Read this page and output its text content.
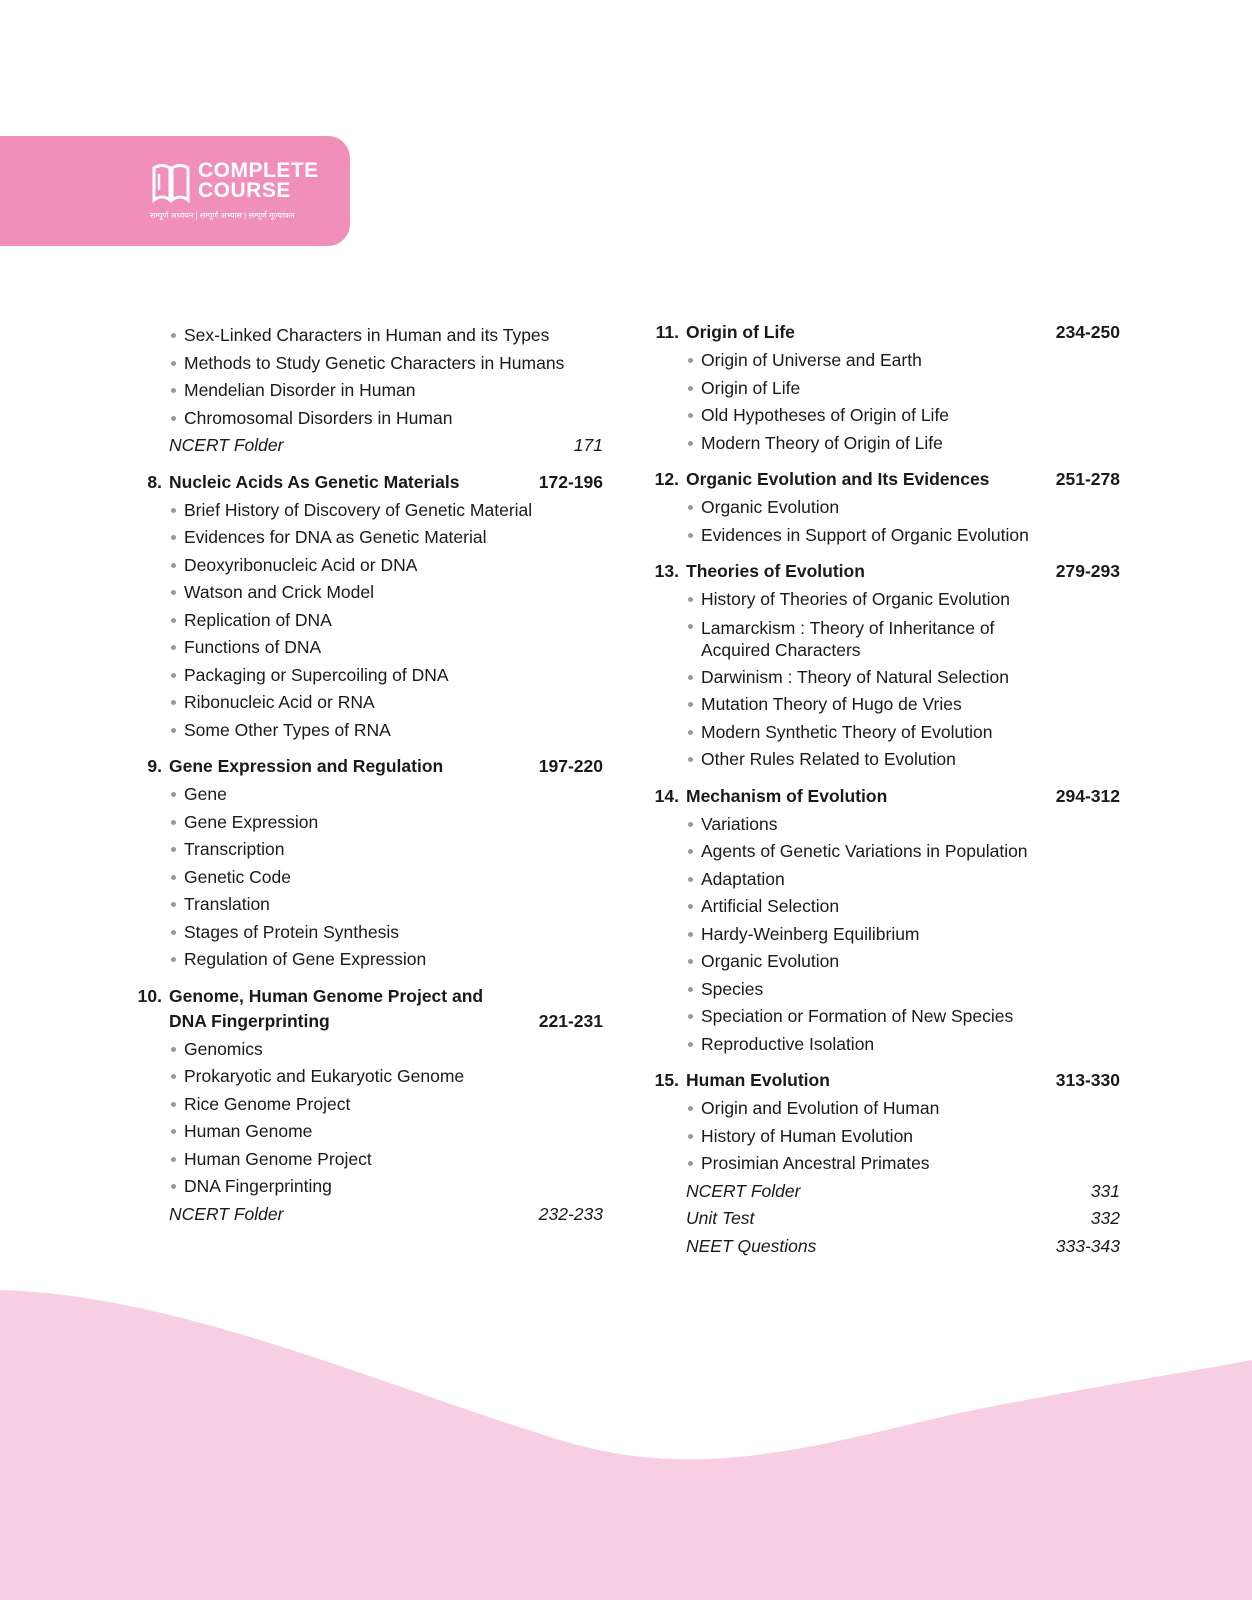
COMPLETE
COURSE
सम्पूर्ण अध्ययन | सम्पूर्ण अभ्यास | सम्पूर्ण मूल्यांकन
Sex-Linked Characters in Human and its Types
Methods to Study Genetic Characters in Humans
Mendelian Disorder in Human
Chromosomal Disorders in Human
NCERT Folder	171
8. Nucleic Acids As Genetic Materials	172-196
Brief History of Discovery of Genetic Material
Evidences for DNA as Genetic Material
Deoxyribonucleic Acid or DNA
Watson and Crick Model
Replication of DNA
Functions of DNA
Packaging or Supercoiling of DNA
Ribonucleic Acid or RNA
Some Other Types of RNA
9. Gene Expression and Regulation	197-220
Gene
Gene Expression
Transcription
Genetic Code
Translation
Stages of Protein Synthesis
Regulation of Gene Expression
10. Genome, Human Genome Project and
DNA Fingerprinting	221-231
Genomics
Prokaryotic and Eukaryotic Genome
Rice Genome Project
Human Genome
Human Genome Project
DNA Fingerprinting
NCERT Folder	232-233
11. Origin of Life	234-250
Origin of Universe and Earth
Origin of Life
Old Hypotheses of Origin of Life
Modern Theory of Origin of Life
12. Organic Evolution and Its Evidences	251-278
Organic Evolution
Evidences in Support of Organic Evolution
13. Theories of Evolution	279-293
History of Theories of Organic Evolution
Lamarckism : Theory of Inheritance of
Acquired Characters
Darwinism : Theory of Natural Selection
Mutation Theory of Hugo de Vries
Modern Synthetic Theory of Evolution
Other Rules Related to Evolution
14. Mechanism of Evolution	294-312
Variations
Agents of Genetic Variations in Population
Adaptation
Artificial Selection
Hardy-Weinberg Equilibrium
Organic Evolution
Species
Speciation or Formation of New Species
Reproductive Isolation
15. Human Evolution	313-330
Origin and Evolution of Human
History of Human Evolution
Prosimian Ancestral Primates
NCERT Folder	331
Unit Test	332
NEET Questions	333-343
